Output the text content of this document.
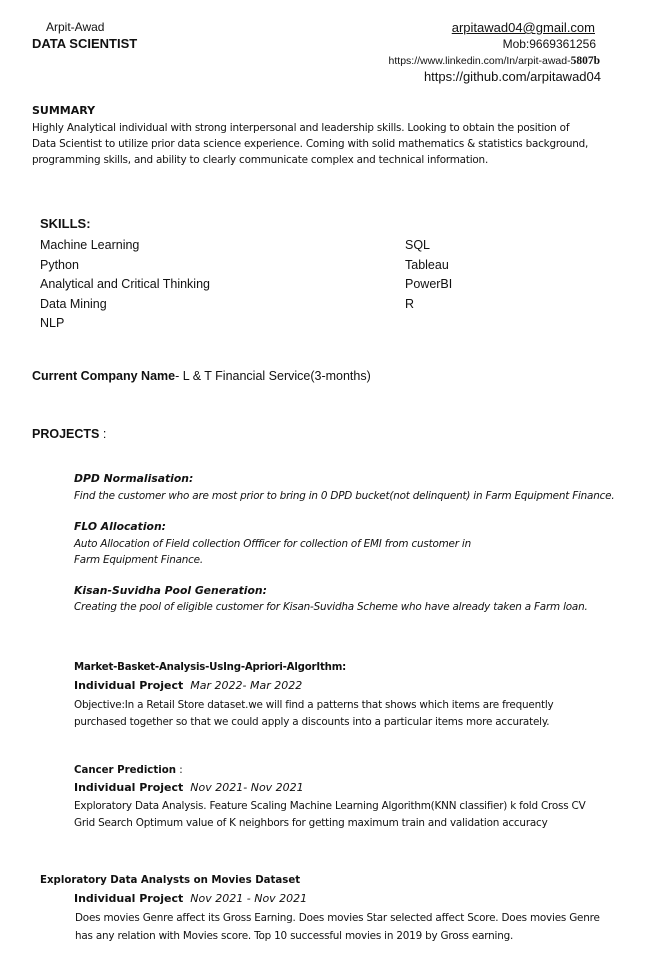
Arpit-Awad
DATA SCIENTIST
arpitawad04@gmail.com
Mob:9669361256
https://www.linkedin.com/In/arpit-awad-5807b
https://github.com/arpitawad04
SUMMARY
Highly Analytical individual with strong interpersonal and leadership skills. Looking to obtain the position of
Data Scientist to utilize prior data science experience. Coming with solid mathematics & statistics background,
programming skills, and ability to clearly communicate complex and technical information.
SKILLS:
Machine Learning
Python
Analytical and Critical Thinking
Data Mining
NLP
SQL
Tableau
PowerBI
R
Current Company Name- L & T Financial Service(3-months)
PROJECTS :
DPD Normalisation:
Find the customer who are most prior to bring in 0 DPD bucket(not delinquent) in Farm Equipment Finance.
FLO Allocation:
Auto Allocation of Field collection Offficer for collection of EMI from customer in
Farm Equipment Finance.
Kisan-Suvidha Pool Generation:
Creating the pool of eligible customer for Kisan-Suvidha Scheme who have already taken a Farm loan.
Market-Basket-Analysis-UsIng-Apriori-AlgorIthm:
Individual Project Mar 2022- Mar 2022
Objective:In a Retail Store dataset.we will find a patterns that shows which items are frequently
purchased together so that we could apply a discounts into a particular items more accurately.
Cancer Prediction :
Individual Project Nov 2021- Nov 2021
Exploratory Data Analysis. Feature Scaling Machine Learning Algorithm(KNN classifier) k fold Cross CV
Grid Search Optimum value of K neighbors for getting maximum train and validation accuracy
Exploratory Data Analysts on Movies Dataset
Individual Project Nov 2021 - Nov 2021
Does movies Genre affect its Gross Earning. Does movies Star selected affect Score. Does movies Genre
has any relation with Movies score. Top 10 successful movies in 2019 by Gross earning.
